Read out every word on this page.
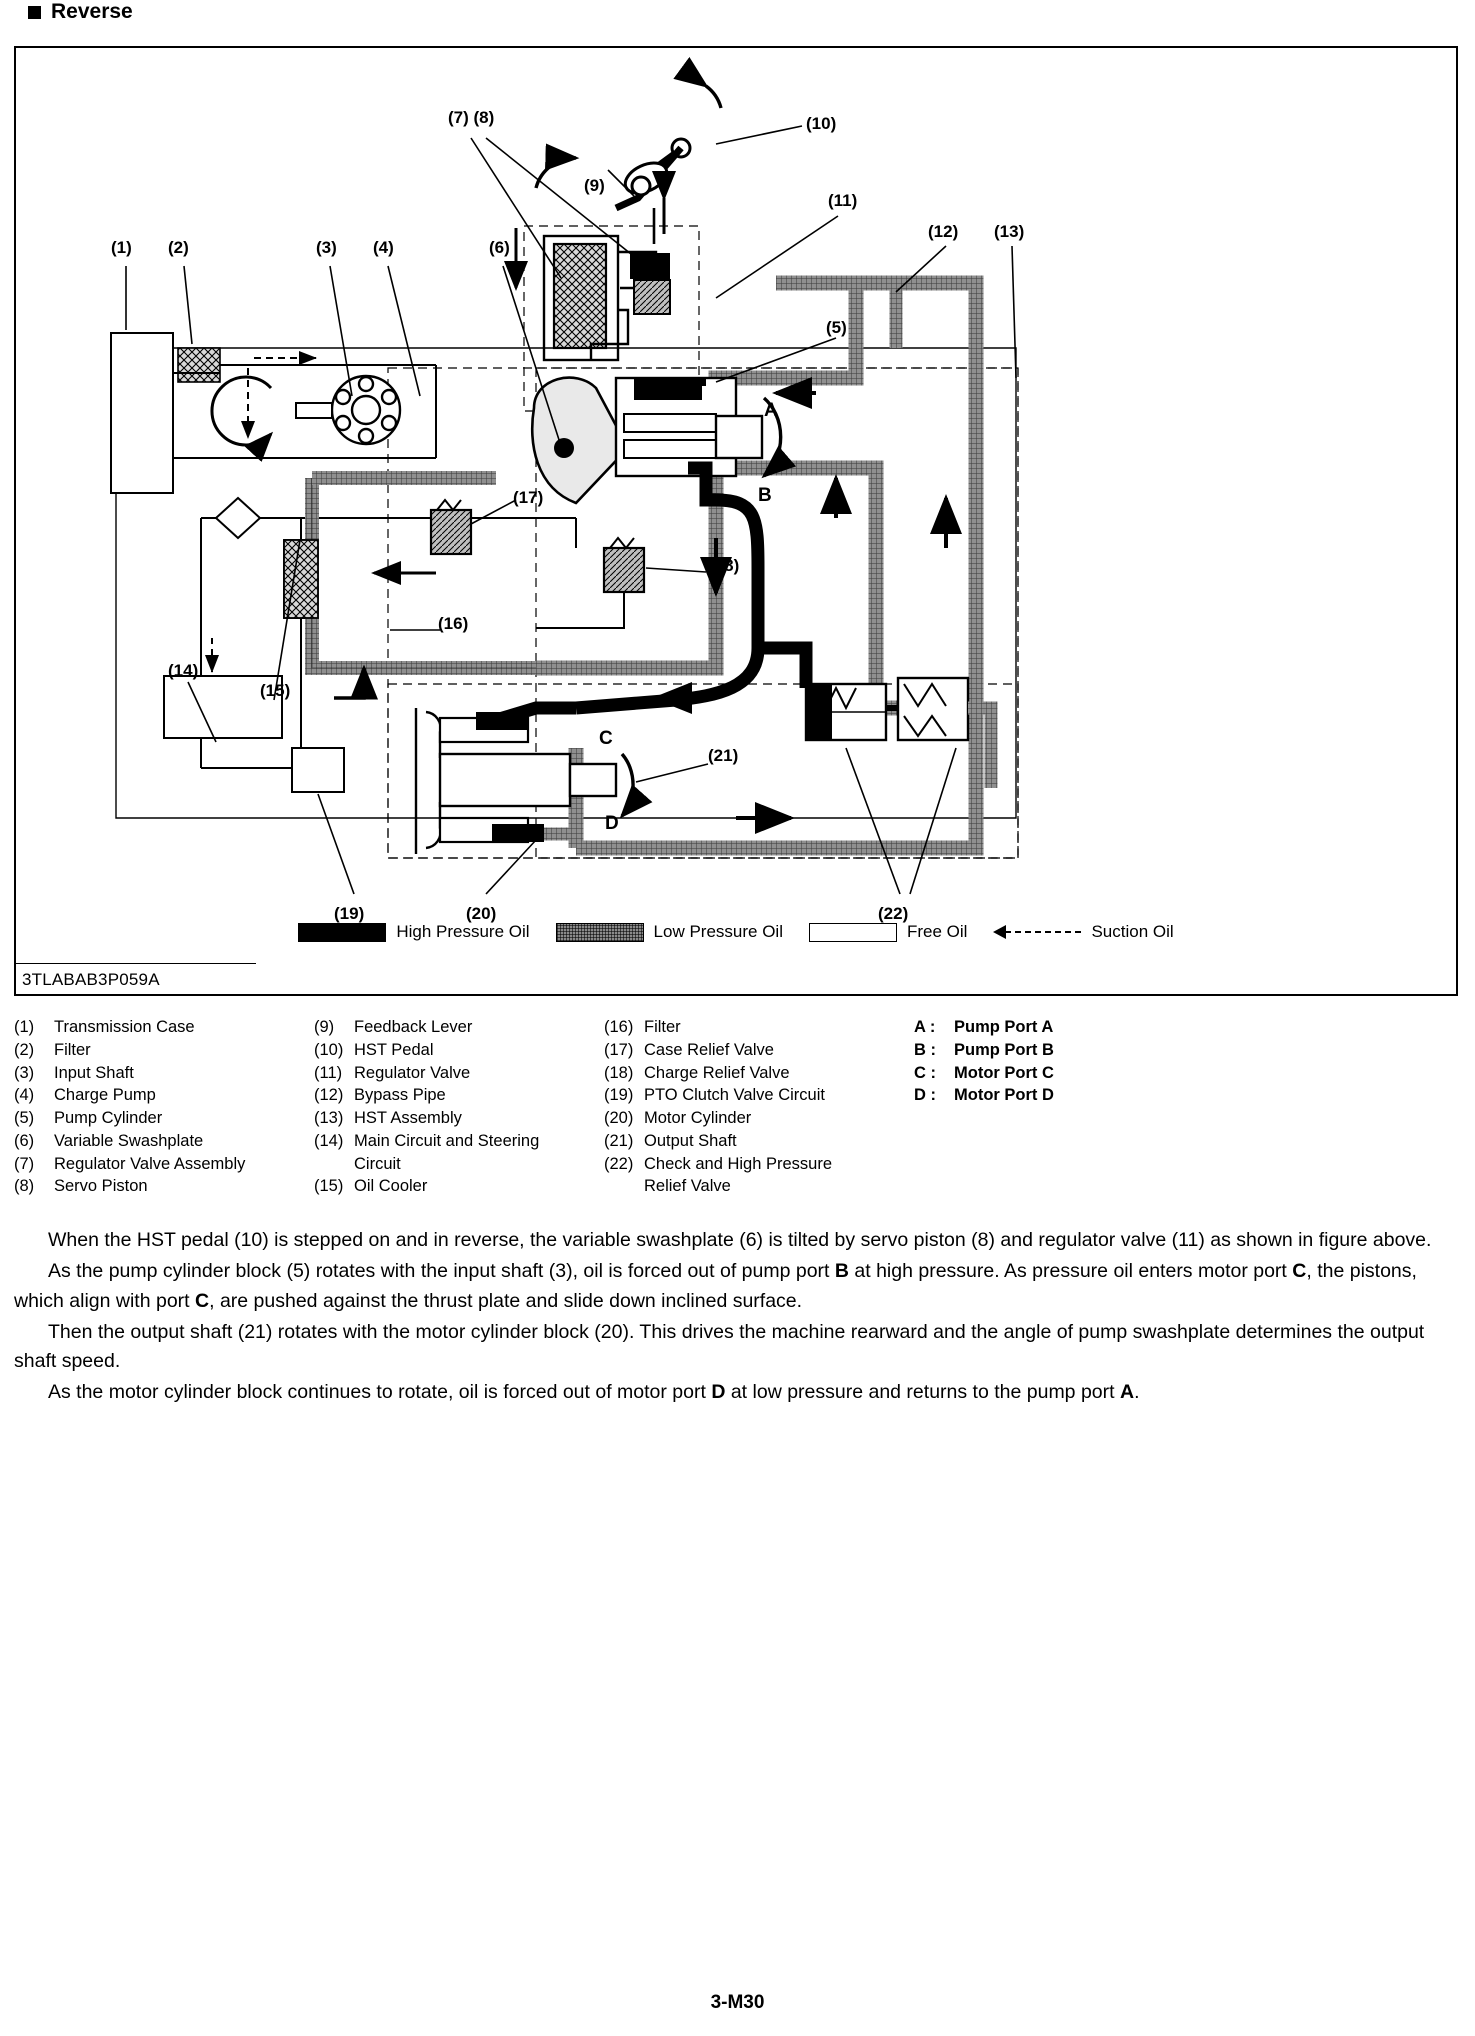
Reverse
(1) (2)	(3) (4)	(6)
(7) (8)
(9)
(10)
(11)
(12) (13)
(5)
(17)
(18)
(16)
(14)
(15)
(19)	(20)
(21)
(22)
A
B
C
D
High Pressure Oil	Low Pressure Oil	Free Oil	Suction Oil
3TLABAB3P059A
(1)	Transmission Case
(2)	Filter
(3)	Input Shaft
(4)	Charge Pump
(5)	Pump Cylinder
(6)	Variable Swashplate
(7)	Regulator Valve Assembly
(8)	Servo Piston
(9)	Feedback Lever
(10) HST Pedal
(11) Regulator Valve
(12) Bypass Pipe
(13) HST Assembly
(14) Main Circuit and Steering
Circuit
(15) Oil Cooler
(16) Filter
(17) Case Relief Valve
(18) Charge Relief Valve
(19) PTO Clutch Valve Circuit
(20) Motor Cylinder
(21) Output Shaft
(22) Check and High Pressure
Relief Valve
A :	Pump Port A
B :	Pump Port B
C :	Motor Port C
D :	Motor Port D

When the HST pedal (10) is stepped on and in reverse, the variable swashplate (6) is tilted by servo piston (8) and regulator valve (11) as shown in figure above.

As the pump cylinder block (5) rotates with the input shaft (3), oil is forced out of pump port B at high pressure. As pressure oil enters motor port C, the pistons, which align with port C, are pushed against the thrust plate and slide down inclined surface.

Then the output shaft (21) rotates with the motor cylinder block (20). This drives the machine rearward and the angle of pump swashplate determines the output shaft speed.

As the motor cylinder block continues to rotate, oil is forced out of motor port D at low pressure and returns to the pump port A.

3-M30
